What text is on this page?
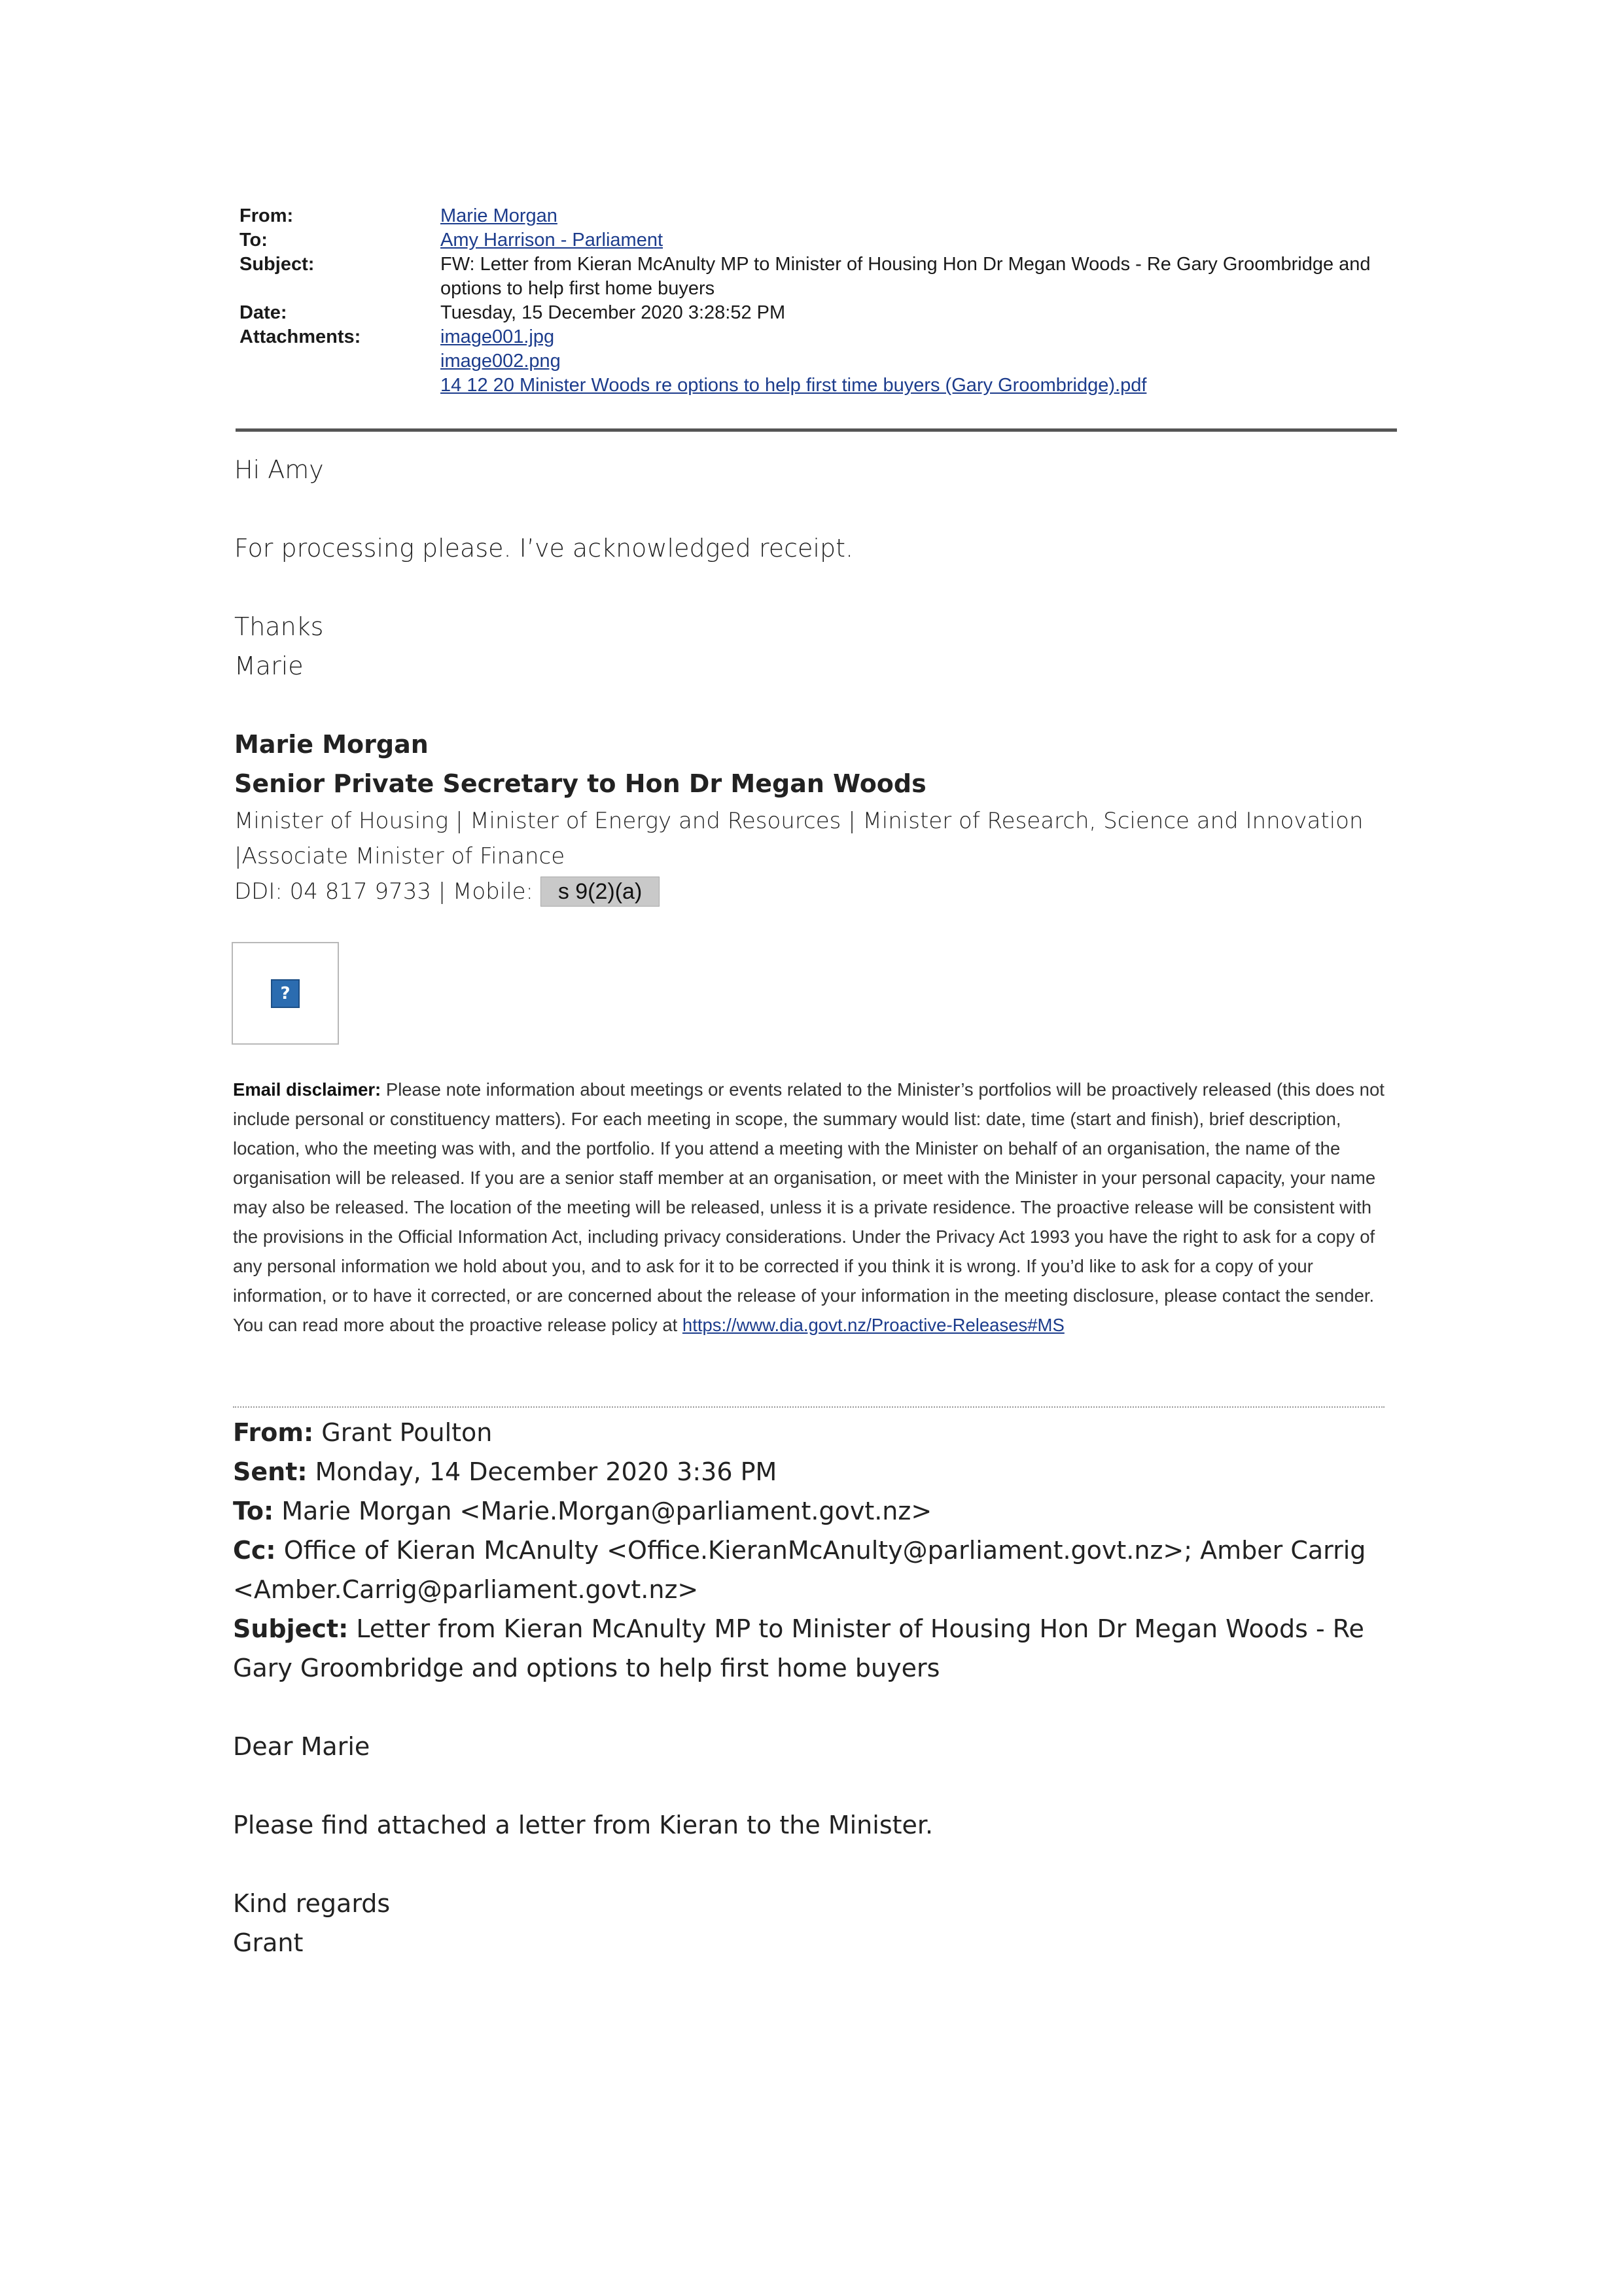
From:	Marie Morgan
To:	Amy Harrison - Parliament
Subject:	FW: Letter from Kieran McAnulty MP to Minister of Housing Hon Dr Megan Woods - Re Gary Groombridge and options to help first home buyers
Date:	Tuesday, 15 December 2020 3:28:52 PM
Attachments:	image001.jpg
image002.png
14 12 20 Minister Woods re options to help first time buyers (Gary Groombridge).pdf

Hi Amy

For processing please. I’ve acknowledged receipt.

Thanks

Marie

Marie Morgan
Senior Private Secretary to Hon Dr Megan Woods
Minister of Housing | Minister of Energy and Resources | Minister of Research, Science and Innovation
|Associate Minister of Finance
DDI: 04 817 9733 | Mobile: s 9(2)(a)
?
Email disclaimer: Please note information about meetings or events related to the Minister’s portfolios will be proactively released (this does not include personal or constituency matters). For each meeting in scope, the summary would list: date, time (start and finish), brief description, location, who the meeting was with, and the portfolio. If you attend a meeting with the Minister on behalf of an organisation, the name of the organisation will be released. If you are a senior staff member at an organisation, or meet with the Minister in your personal capacity, your name may also be released. The location of the meeting will be released, unless it is a private residence. The proactive release will be consistent with the provisions in the Official Information Act, including privacy considerations. Under the Privacy Act 1993 you have the right to ask for a copy of any personal information we hold about you, and to ask for it to be corrected if you think it is wrong. If you’d like to ask for a copy of your information, or to have it corrected, or are concerned about the release of your information in the meeting disclosure, please contact the sender. You can read more about the proactive release policy at https://www.dia.govt.nz/Proactive-Releases#MS
From: Grant Poulton
Sent: Monday, 14 December 2020 3:36 PM
To: Marie Morgan <Marie.Morgan@parliament.govt.nz>
Cc: Office of Kieran McAnulty <Office.KieranMcAnulty@parliament.govt.nz>; Amber Carrig <Amber.Carrig@parliament.govt.nz>
Subject: Letter from Kieran McAnulty MP to Minister of Housing Hon Dr Megan Woods - Re Gary Groombridge and options to help first home buyers

Dear Marie

Please find attached a letter from Kieran to the Minister.

Kind regards

Grant
